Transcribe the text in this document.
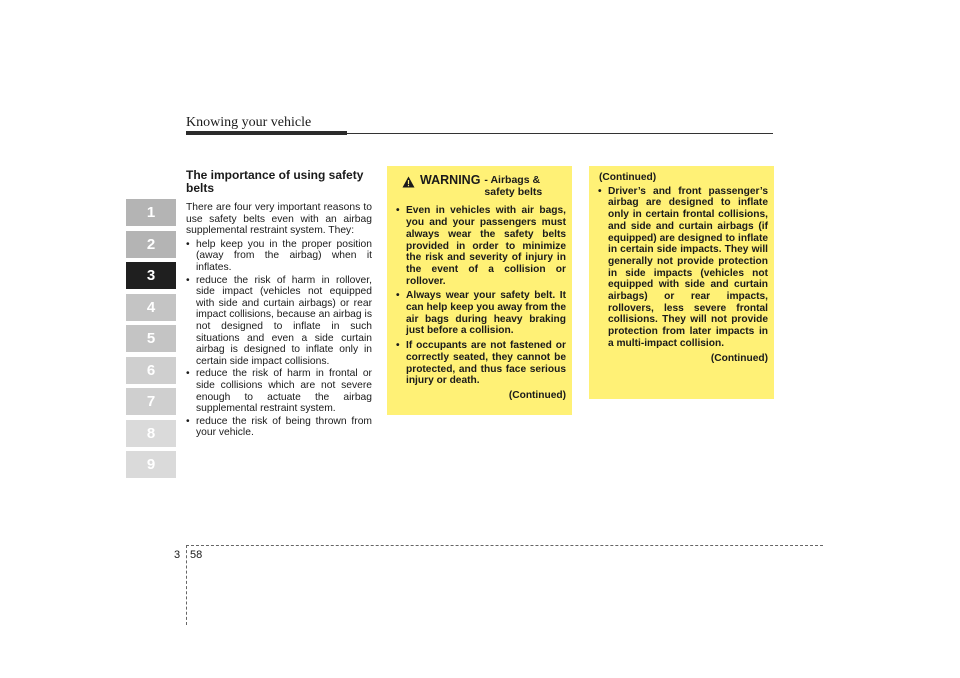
Knowing your vehicle
1
2
3
4
5
6
7
8
9
The importance of using safety belts

There are four very important reasons to use safety belts even with an airbag supplemental restraint system. They:

• help keep you in the proper position (away from the airbag) when it inflates.
• reduce the risk of harm in rollover, side impact (vehicles not equipped with side and curtain airbags) or rear impact collisions, because an airbag is not designed to inflate in such situations and even a side curtain airbag is designed to inflate only in certain side impact collisions.
• reduce the risk of harm in frontal or side collisions which are not severe enough to actuate the airbag supplemental restraint system.
• reduce the risk of being thrown from your vehicle.
WARNING - Airbags &
safety belts
• Even in vehicles with air bags, you and your passengers must always wear the safety belts provided in order to minimize the risk and severity of injury in the event of a collision or rollover.
• Always wear your safety belt. It can help keep you away from the air bags during heavy braking just before a collision.
• If occupants are not fastened or correctly seated, they cannot be protected, and thus face serious injury or death.
(Continued)
(Continued)
• Driver’s and front passenger’s airbag are designed to inflate only in certain frontal collisions, and side and curtain airbags (if equipped) are designed to inflate in certain side impacts. They will generally not provide protection in side impacts (vehicles not equipped with side and curtain airbags) or rear impacts, rollovers, less severe frontal collisions. They will not provide protection from later impacts in a multi-impact collision.
(Continued)
3 58
